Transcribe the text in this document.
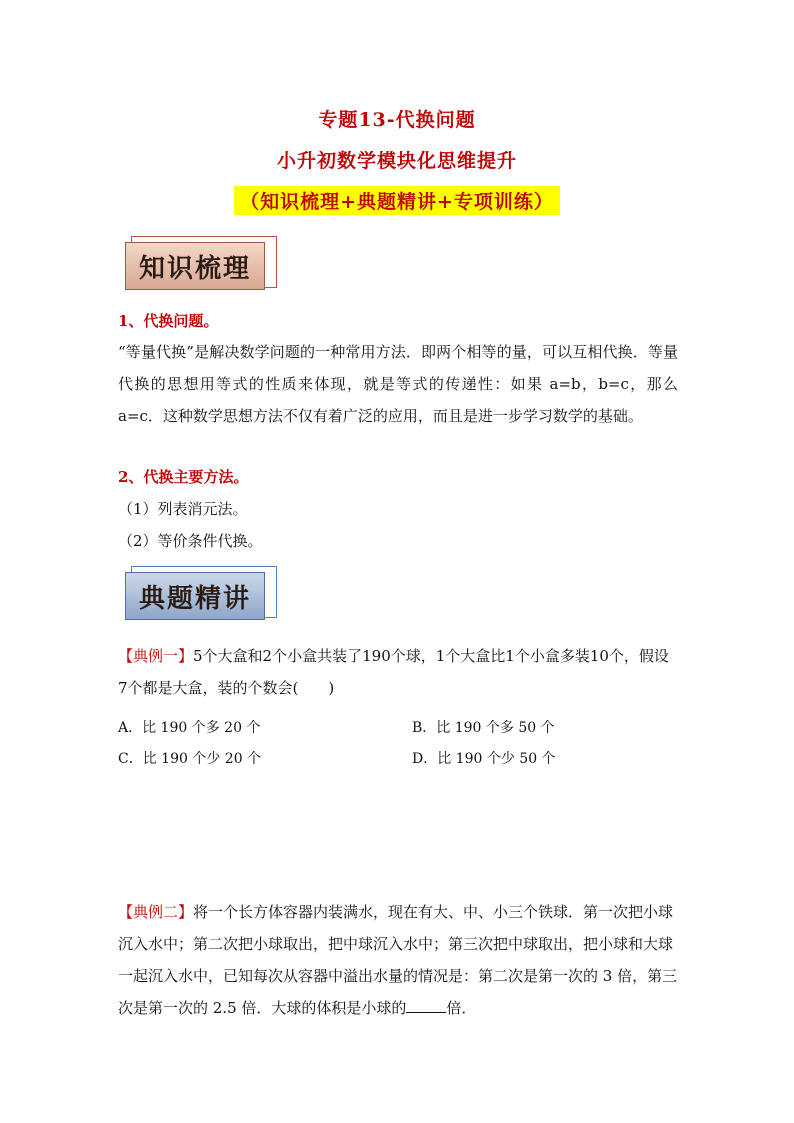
专题13-代换问题
小升初数学模块化思维提升
（知识梳理+典题精讲+专项训练）
知识梳理
1、代换问题。
“等量代换”是解决数学问题的一种常用方法．即两个相等的量，可以互相代换．等量代换的思想用等式的性质来体现，就是等式的传递性：如果 a=b，b=c，那么 a=c．这种数学思想方法不仅有着广泛的应用，而且是进一步学习数学的基础。
2、代换主要方法。
（1）列表消元法。
（2）等价条件代换。
典题精讲
【典例一】5个大盒和2个小盒共装了190个球，1个大盒比1个小盒多装10个，假设7个都是大盒，装的个数会(　　)
A．比 190 个多 20 个	B．比 190 个多 50 个
C．比 190 个少 20 个	D．比 190 个少 50 个
【典例二】将一个长方体容器内装满水，现在有大、中、小三个铁球．第一次把小球沉入水中；第二次把小球取出，把中球沉入水中；第三次把中球取出，把小球和大球一起沉入水中，已知每次从容器中溢出水量的情况是：第二次是第一次的 3 倍，第三次是第一次的 2.5 倍．大球的体积是小球的	倍．
